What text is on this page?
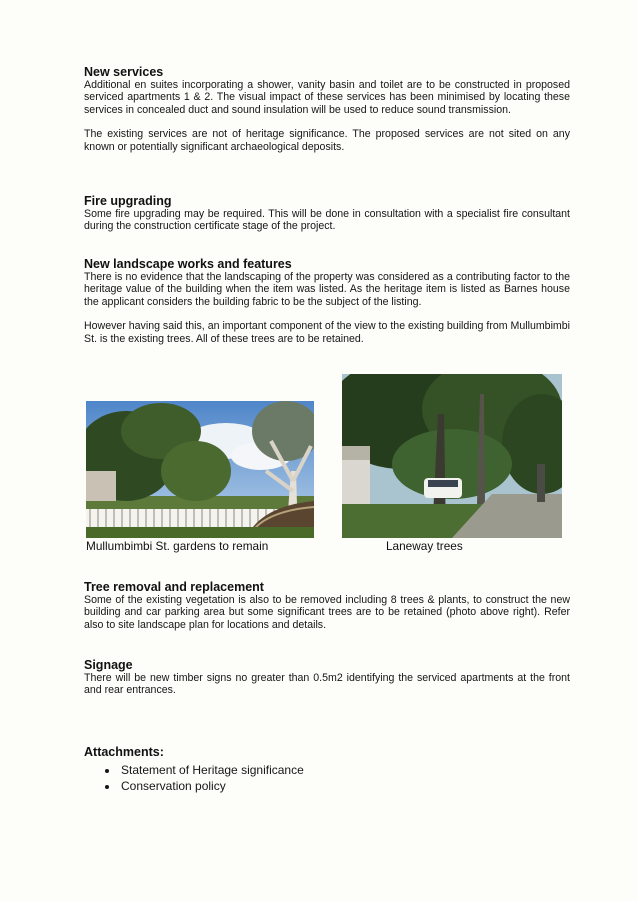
New services

Additional en suites incorporating a shower, vanity basin and toilet are to be constructed in proposed serviced apartments 1 & 2. The visual impact of these services has been minimised by locating these services in concealed duct and sound insulation will be used to reduce sound transmission.

The existing services are not of heritage significance. The proposed services are not sited on any known or potentially significant archaeological deposits.

Fire upgrading

Some fire upgrading may be required. This will be done in consultation with a specialist fire consultant during the construction certificate stage of the project.

New landscape works and features

There is no evidence that the landscaping of the property was considered as a contributing factor to the heritage value of the building when the item was listed. As the heritage item is listed as Barnes house the applicant considers the building fabric to be the subject of the listing.

However having said this, an important component of the view to the existing building from Mullumbimbi St. is the existing trees. All of these trees are to be retained.

Mullumbimbi St. gardens to remain	Laneway trees
Tree removal and replacement

Some of the existing vegetation is also to be removed including 8 trees & plants, to construct the new building and car parking area but some significant trees are to be retained (photo above right). Refer also to site landscape plan for locations and details.

Signage

There will be new timber signs no greater than 0.5m2 identifying the serviced apartments at the front and rear entrances.

Attachments:
• Statement of Heritage significance
• Conservation policy
